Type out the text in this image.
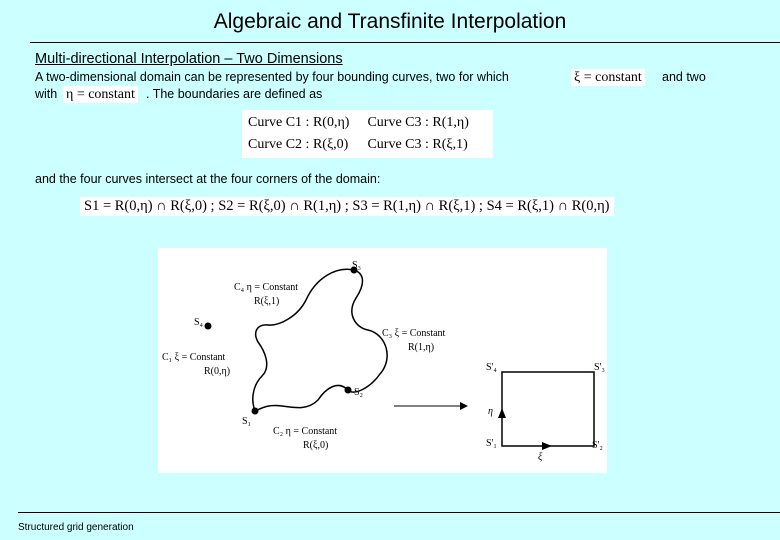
Algebraic and Transfinite Interpolation
Multi-directional Interpolation – Two Dimensions
A two-dimensional domain can be represented by four bounding curves, two for which	ξ = constant and two
with η = constant . The boundaries are defined as
Curve C1 : R(0,η)	Curve C3 : R(1,η)
Curve C2 : R(ξ,0)	Curve C3 : R(ξ,1)
and the four curves intersect at the four corners of the domain:
S1 = R(0,η) ∩ R(ξ,0) ; S2 = R(ξ,0) ∩ R(1,η) ; S3 = R(1,η) ∩ R(ξ,1) ; S4 = R(ξ,1) ∩ R(0,η)
S₁
S₂
S₃
S₄
C₄ η = Constant
R(ξ,1)
C₃ ξ = Constant
R(1,η)
C₁ ξ = Constant
R(0,η)
C₂ η = Constant
R(ξ,0)
S'₄	S'₃
S'₁	S'₂
η
ξ
Structured grid generation
